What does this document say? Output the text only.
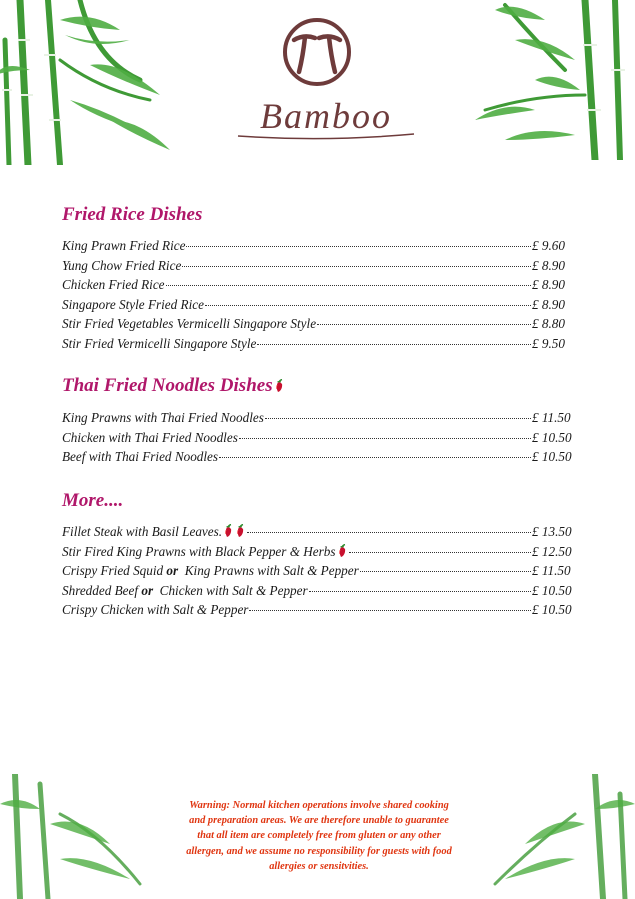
Bamboo
Fried Rice Dishes
King Prawn Fried Rice	£ 9.60
Yung Chow Fried Rice	£ 8.90
Chicken Fried Rice	£ 8.90
Singapore Style Fried Rice	£ 8.90
Stir Fried Vegetables Vermicelli Singapore Style	£ 8.80
Stir Fried Vermicelli Singapore Style	£ 9.50
Thai Fried Noodles Dishes
King Prawns with Thai Fried Noodles	£ 11.50
Chicken with Thai Fried Noodles	£ 10.50
Beef with Thai Fried Noodles	£ 10.50
More....
Fillet Steak with Basil Leaves.	£ 13.50
Stir Fired King Prawns with Black Pepper & Herbs	£ 12.50
Crispy Fried Squid or  King Prawns with Salt & Pepper	£ 11.50
Shredded Beef or  Chicken with Salt & Pepper	£ 10.50
Crispy Chicken with Salt & Pepper	£ 10.50

Warning: Normal kitchen operations involve shared cooking
and preparation areas. We are therefore unable to guarantee
that all item are completely free from gluten or any other
allergen, and we assume no responsibility for guests with food
allergies or sensitvities.
